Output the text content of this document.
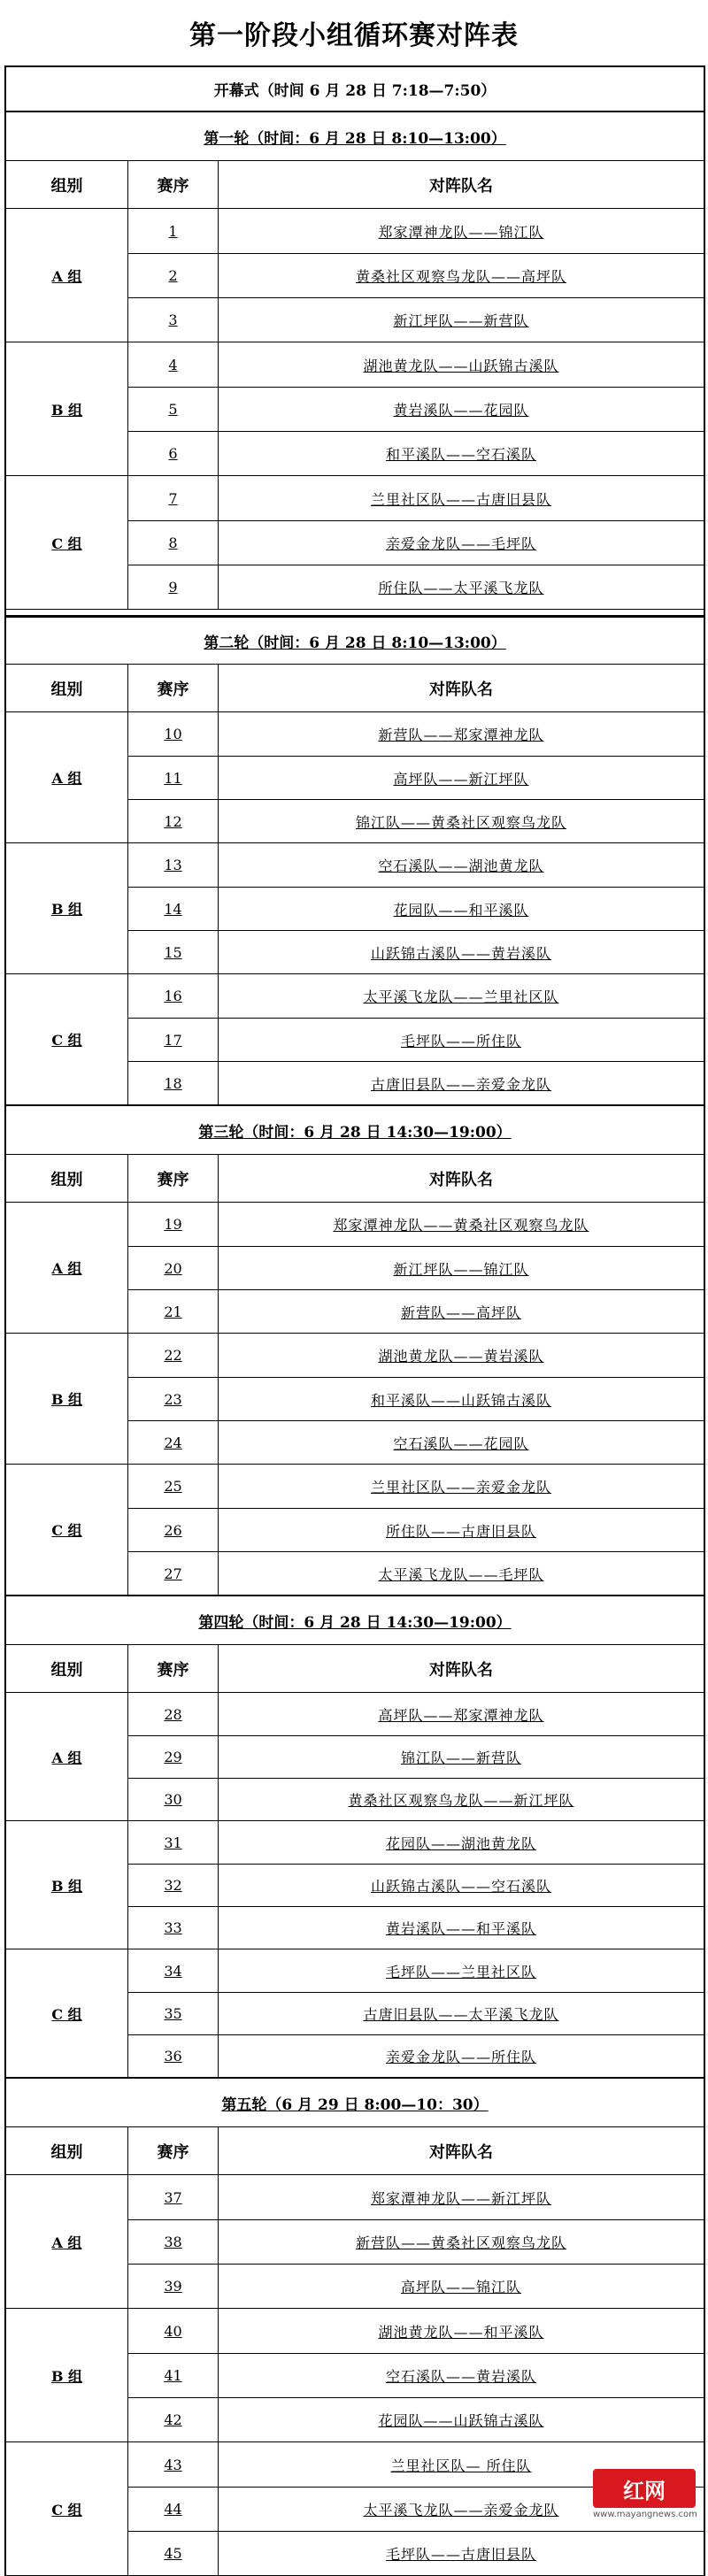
第一阶段小组循环赛对阵表
开幕式 （时间 6 月 28 日 7:18—7:50）
第一轮（时间：6 月 28 日 8:10—13:00）
组别	赛序	对阵队名
A 组
1	郑家潭神龙队——锦江队
2	黄桑社区观察鸟龙队——高坪队
3	新江坪队——新营队
B 组
4	湖池黄龙队——山跃锦古溪队
5	黄岩溪队——花园队
6	和平溪队——空石溪队
C 组
7	兰里社区队——古唐旧县队
8	亲爱金龙队——毛坪队
9	所住队——太平溪飞龙队
第二轮（时间：6 月 28 日 8:10—13:00）
组别	赛序	对阵队名
A 组
10	新营队——郑家潭神龙队
11	高坪队——新江坪队
12	锦江队——黄桑社区观察鸟龙队
B 组
13	空石溪队——湖池黄龙队
14	花园队——和平溪队
15	山跃锦古溪队——黄岩溪队
C 组
16	太平溪飞龙队——兰里社区队
17	毛坪队——所住队
18	古唐旧县队——亲爱金龙队
第三轮（时间：6 月 28 日 14:30—19:00）
组别	赛序	对阵队名
A 组
19	郑家潭神龙队——黄桑社区观察鸟龙队
20	新江坪队——锦江队
21	新营队——高坪队
B 组
22	湖池黄龙队——黄岩溪队
23	和平溪队——山跃锦古溪队
24	空石溪队——花园队
C 组
25	兰里社区队——亲爱金龙队
26	所住队——古唐旧县队
27	太平溪飞龙队——毛坪队
第四轮（时间：6 月 28 日 14:30—19:00）
组别	赛序	对阵队名
A 组
28	高坪队——郑家潭神龙队
29	锦江队——新营队
30	黄桑社区观察鸟龙队——新江坪队
B 组
31	花园队——湖池黄龙队
32	山跃锦古溪队——空石溪队
33	黄岩溪队——和平溪队
C 组
34	毛坪队——兰里社区队
35	古唐旧县队——太平溪飞龙队
36	亲爱金龙队——所住队
第五轮（6 月 29 日 8:00—10：30）
组别	赛序	对阵队名
A 组
37	郑家潭神龙队——新江坪队
38	新营队——黄桑社区观察鸟龙队
39	高坪队——锦江队
B 组
40	湖池黄龙队——和平溪队
41	空石溪队——黄岩溪队
42	花园队——山跃锦古溪队
C 组
43	兰里社区队— 所住队
44	太平溪飞龙队——亲爱金龙队
45	毛坪队——古唐旧县队
红网
www.mayangnews.com
